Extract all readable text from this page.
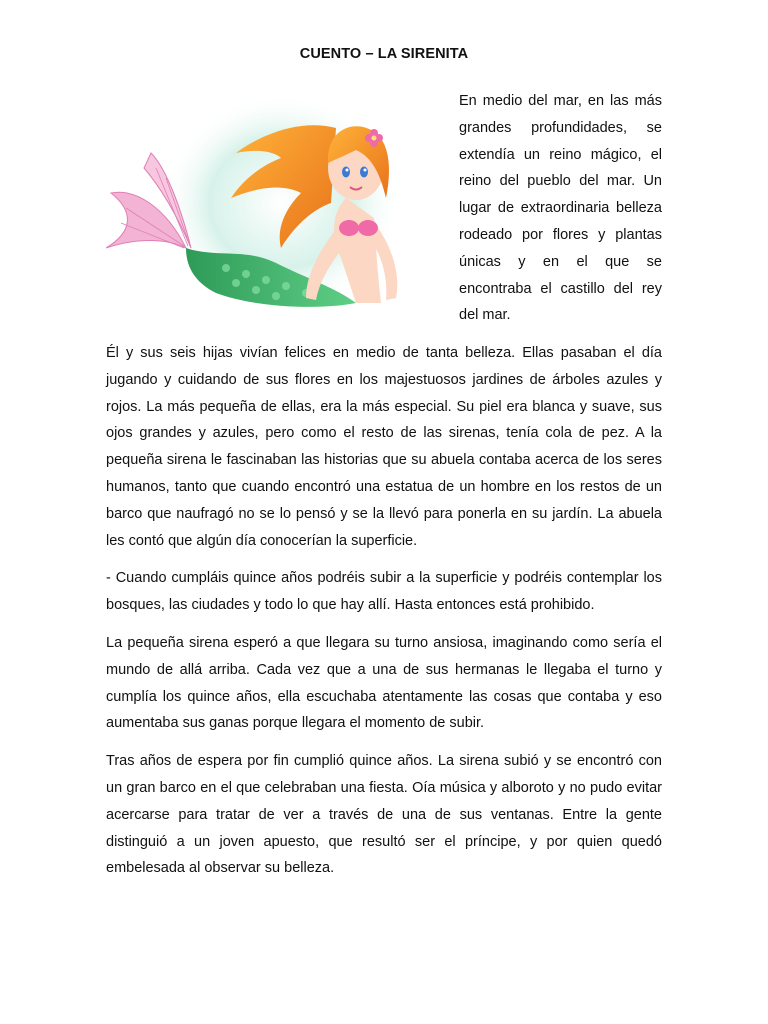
CUENTO – LA SIRENITA
En medio del mar, en las más grandes profundidades, se extendía un reino mágico, el reino del pueblo del mar. Un lugar de extraordinaria belleza rodeado por flores y plantas únicas y en el que se encontraba el castillo del rey del mar.

Él y sus seis hijas vivían felices en medio de tanta belleza. Ellas pasaban el día jugando y cuidando de sus flores en los majestuosos jardines de árboles azules y rojos. La más pequeña de ellas, era la más especial. Su piel era blanca y suave, sus ojos grandes y azules, pero como el resto de las sirenas, tenía cola de pez. A la pequeña sirena le fascinaban las historias que su abuela contaba acerca de los seres humanos, tanto que cuando encontró una estatua de un hombre en los restos de un barco que naufragó no se lo pensó y se la llevó para ponerla en su jardín. La abuela les contó que algún día conocerían la superficie.

- Cuando cumpláis quince años podréis subir a la superficie y podréis contemplar los bosques, las ciudades y todo lo que hay allí. Hasta entonces está prohibido.

La pequeña sirena esperó a que llegara su turno ansiosa, imaginando como sería el mundo de allá arriba. Cada vez que a una de sus hermanas le llegaba el turno y cumplía los quince años, ella escuchaba atentamente las cosas que contaba y eso aumentaba sus ganas porque llegara el momento de subir.

Tras años de espera por fin cumplió quince años. La sirena subió y se encontró con un gran barco en el que celebraban una fiesta. Oía música y alboroto y no pudo evitar acercarse para tratar de ver a través de una de sus ventanas. Entre la gente distinguió a un joven apuesto, que resultó ser el príncipe, y por quien quedó embelesada al observar su belleza.
